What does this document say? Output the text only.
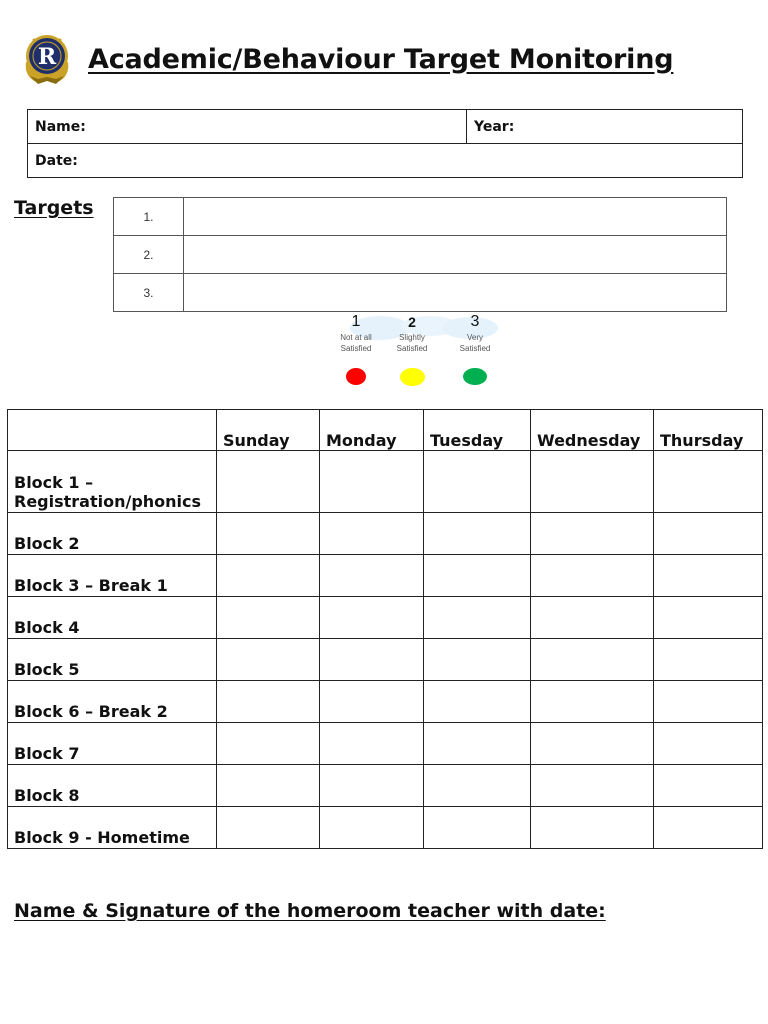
R Academic/Behaviour Target Monitoring
Name:	Year:
Date:
Targets	1.	
2.	
3.	
1
Not at all
Satisfied
2
Slightly
Satisfied
3
Very
Satisfied
	Sunday	Monday	Tuesday	Wednesday	Thursday
Block 1 –
Registration/phonics					
Block 2					
Block 3 – Break 1					
Block 4					
Block 5					
Block 6 – Break 2					
Block 7					
Block 8					
Block 9 - Hometime					
Name & Signature of the homeroom teacher with date:
